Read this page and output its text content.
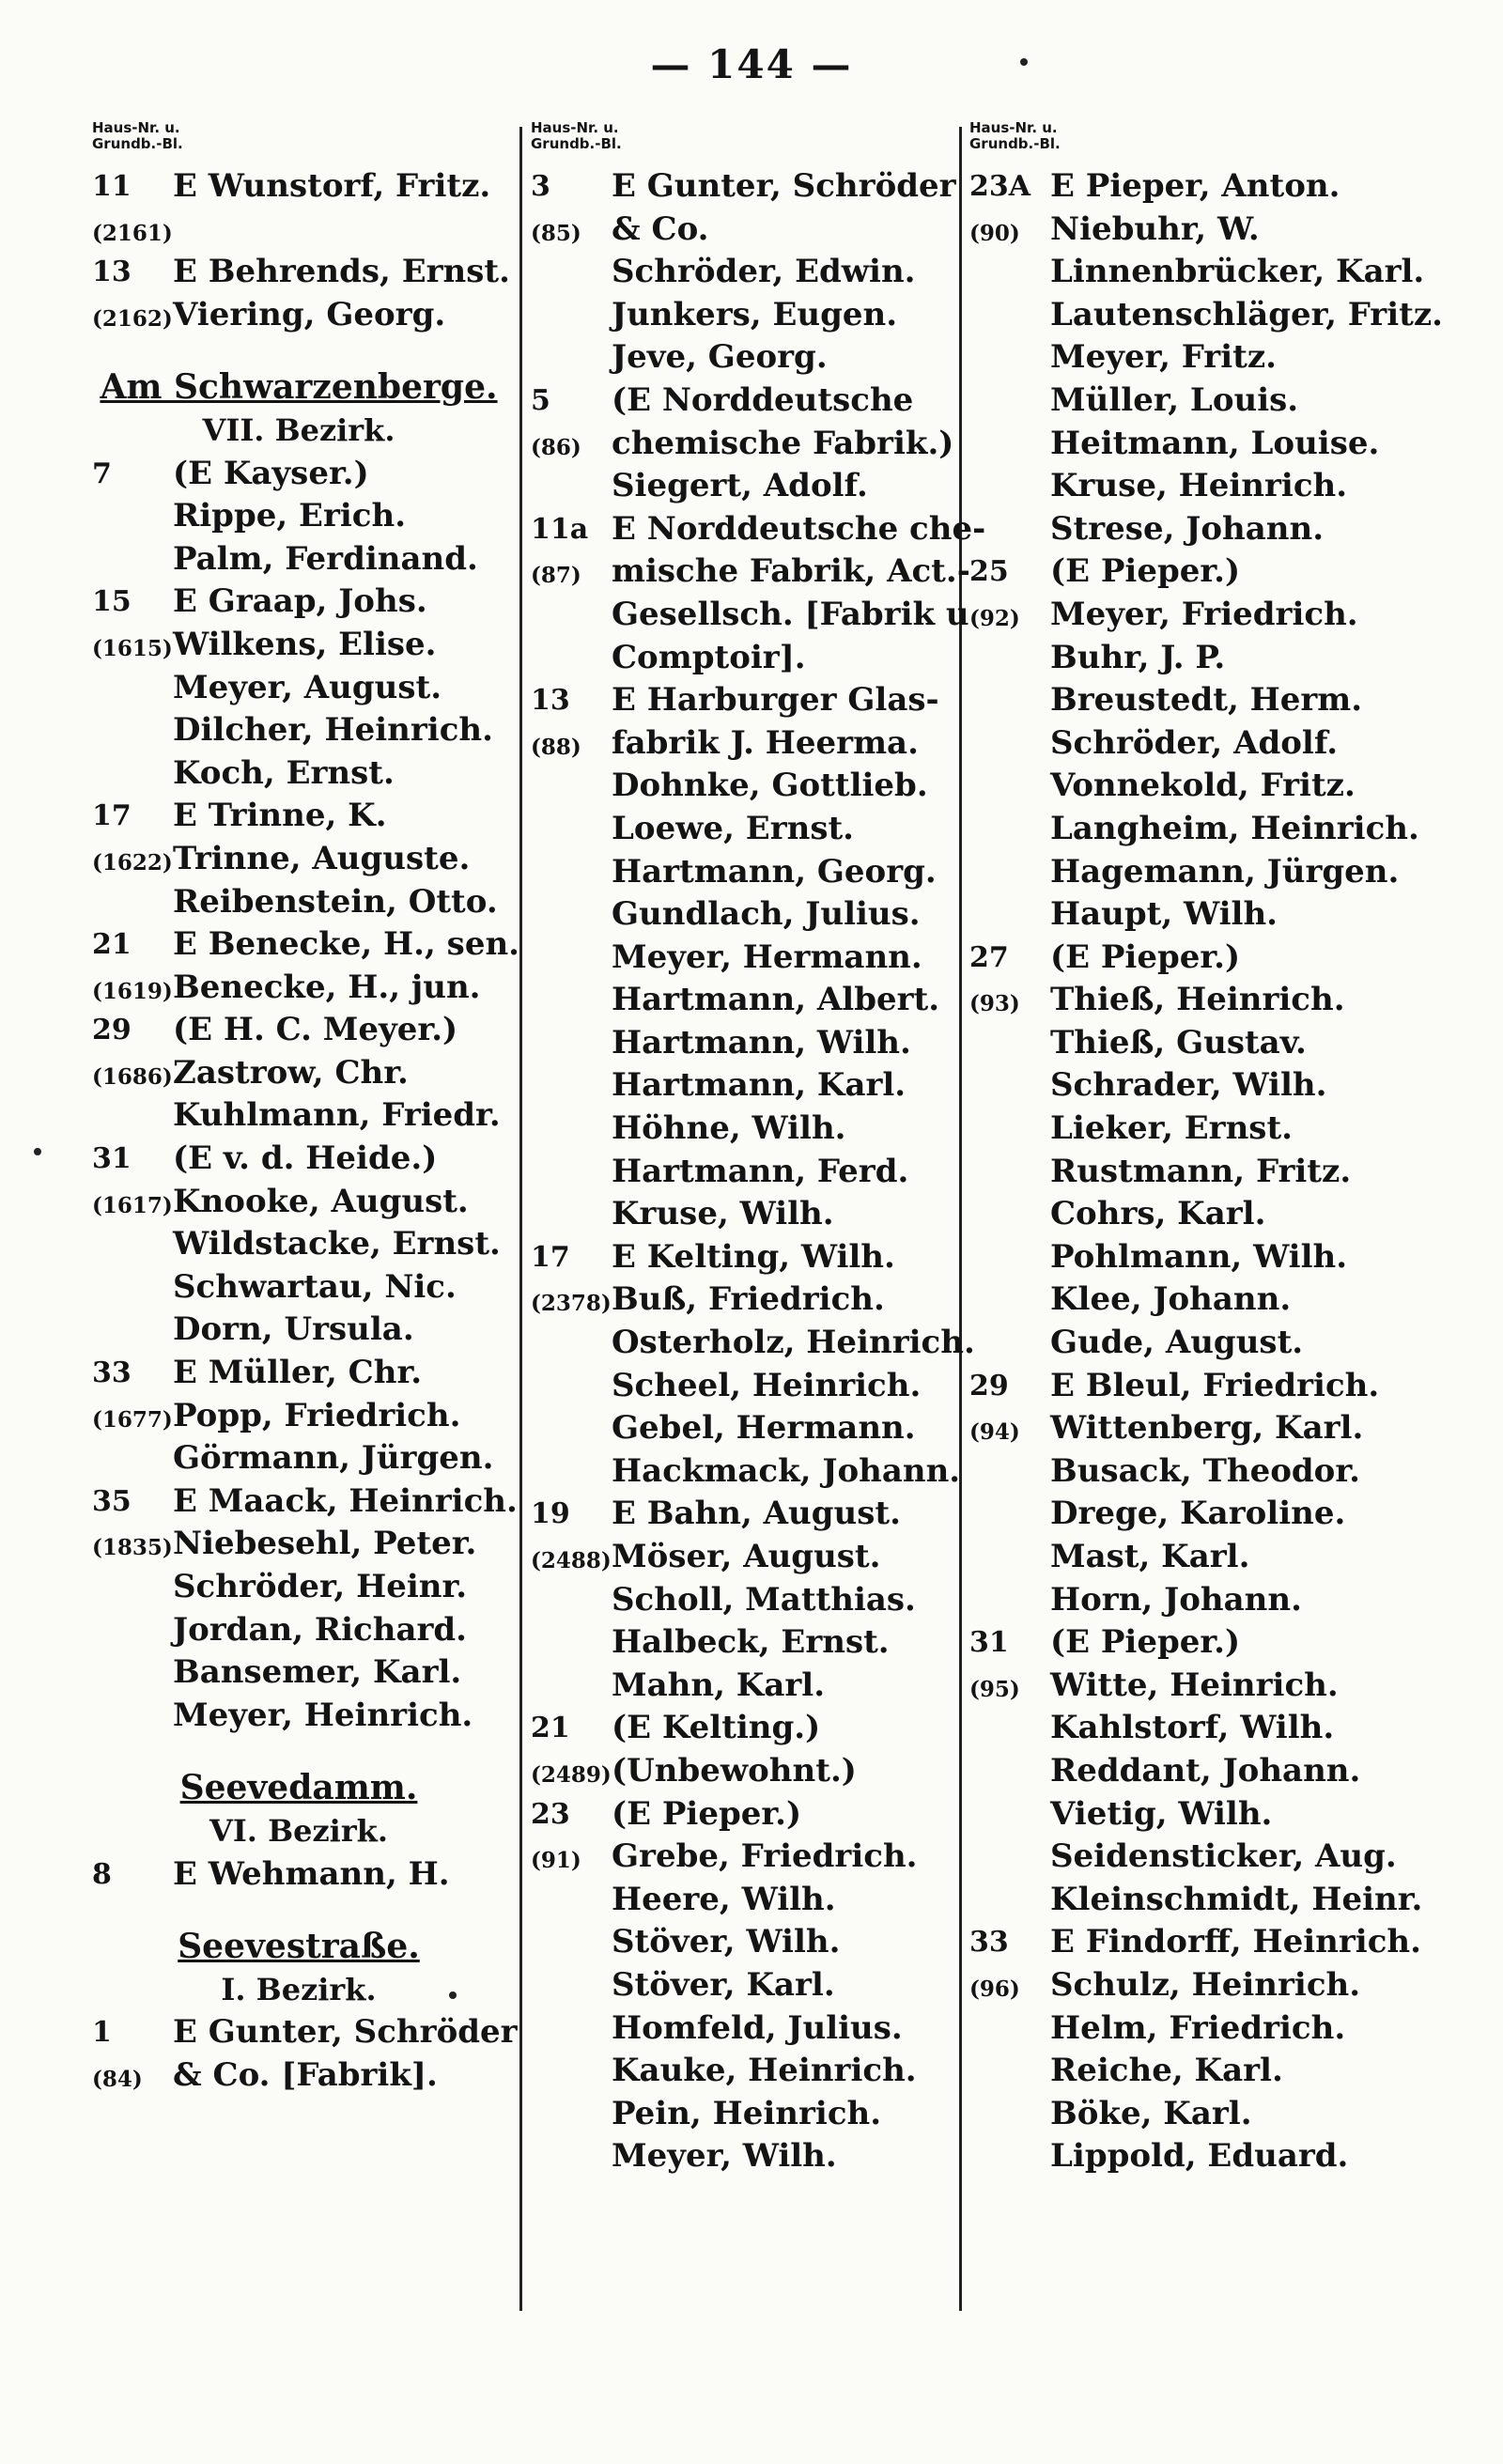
— 144 —
Haus-Nr. u.
Grundb.-Bl.
11	E Wunstorf, Fritz.
(2161)
13	E Behrends, Ernst.
(2162) Viering, Georg.
Am Schwarzenberge.
VII. Bezirk.
7	(E Kayser.)
Rippe, Erich.
Palm, Ferdinand.
15	E Graap, Johs.
(1615) Wilkens, Elise.
Meyer, August.
Dilcher, Heinrich.
Koch, Ernst.
17	E Trinne, K.
(1622) Trinne, Auguste.
Reibenstein, Otto.
21	E Benecke, H., sen.
(1619) Benecke, H., jun.
29	(E H. C. Meyer.)
(1686) Zastrow, Chr.
Kuhlmann, Friedr.
31	(E v. d. Heide.)
(1617) Knooke, August.
Wildstacke, Ernst.
Schwartau, Nic.
Dorn, Ursula.
33	E Müller, Chr.
(1677) Popp, Friedrich.
Görmann, Jürgen.
35	E Maack, Heinrich.
(1835) Niebesehl, Peter.
Schröder, Heinr.
Jordan, Richard.
Bansemer, Karl.
Meyer, Heinrich.
Seevedamm.
VI. Bezirk.
8	E Wehmann, H.
Seevestraße.
I. Bezirk.
1	E Gunter, Schröder
(84) & Co. [Fabrik].
Haus-Nr. u.
Grundb.-Bl.
3	E Gunter, Schröder
(85) & Co.
Schröder, Edwin.
Junkers, Eugen.
Jeve, Georg.
5	(E Norddeutsche
(86) chemische Fabrik.)
Siegert, Adolf.
11a E Norddeutsche che-
(87) mische Fabrik, Act.-
Gesellsch. [Fabrik u
Comptoir].
13	E Harburger Glas-
(88) fabrik J. Heerma.
Dohnke, Gottlieb.
Loewe, Ernst.
Hartmann, Georg.
Gundlach, Julius.
Meyer, Hermann.
Hartmann, Albert.
Hartmann, Wilh.
Hartmann, Karl.
Höhne, Wilh.
Hartmann, Ferd.
Kruse, Wilh.
17	E Kelting, Wilh.
(2378) Buß, Friedrich.
Osterholz, Heinrich.
Scheel, Heinrich.
Gebel, Hermann.
Hackmack, Johann.
19	E Bahn, August.
(2488) Möser, August.
Scholl, Matthias.
Halbeck, Ernst.
Mahn, Karl.
21	(E Kelting.)
(2489) (Unbewohnt.)
23	(E Pieper.)
(91) Grebe, Friedrich.
Heere, Wilh.
Stöver, Wilh.
Stöver, Karl.
Homfeld, Julius.
Kauke, Heinrich.
Pein, Heinrich.
Meyer, Wilh.
Haus-Nr. u.
Grundb.-Bl.
23A E Pieper, Anton.
(90) Niebuhr, W.
Linnenbrücker, Karl.
Lautenschläger, Fritz.
Meyer, Fritz.
Müller, Louis.
Heitmann, Louise.
Kruse, Heinrich.
Strese, Johann.
25	(E Pieper.)
(92) Meyer, Friedrich.
Buhr, J. P.
Breustedt, Herm.
Schröder, Adolf.
Vonnekold, Fritz.
Langheim, Heinrich.
Hagemann, Jürgen.
Haupt, Wilh.
27	(E Pieper.)
(93) Thieß, Heinrich.
Thieß, Gustav.
Schrader, Wilh.
Lieker, Ernst.
Rustmann, Fritz.
Cohrs, Karl.
Pohlmann, Wilh.
Klee, Johann.
Gude, August.
29	E Bleul, Friedrich.
(94) Wittenberg, Karl.
Busack, Theodor.
Drege, Karoline.
Mast, Karl.
Horn, Johann.
31	(E Pieper.)
(95) Witte, Heinrich.
Kahlstorf, Wilh.
Reddant, Johann.
Vietig, Wilh.
Seidensticker, Aug.
Kleinschmidt, Heinr.
33	E Findorff, Heinrich.
(96) Schulz, Heinrich.
Helm, Friedrich.
Reiche, Karl.
Böke, Karl.
Lippold, Eduard.
